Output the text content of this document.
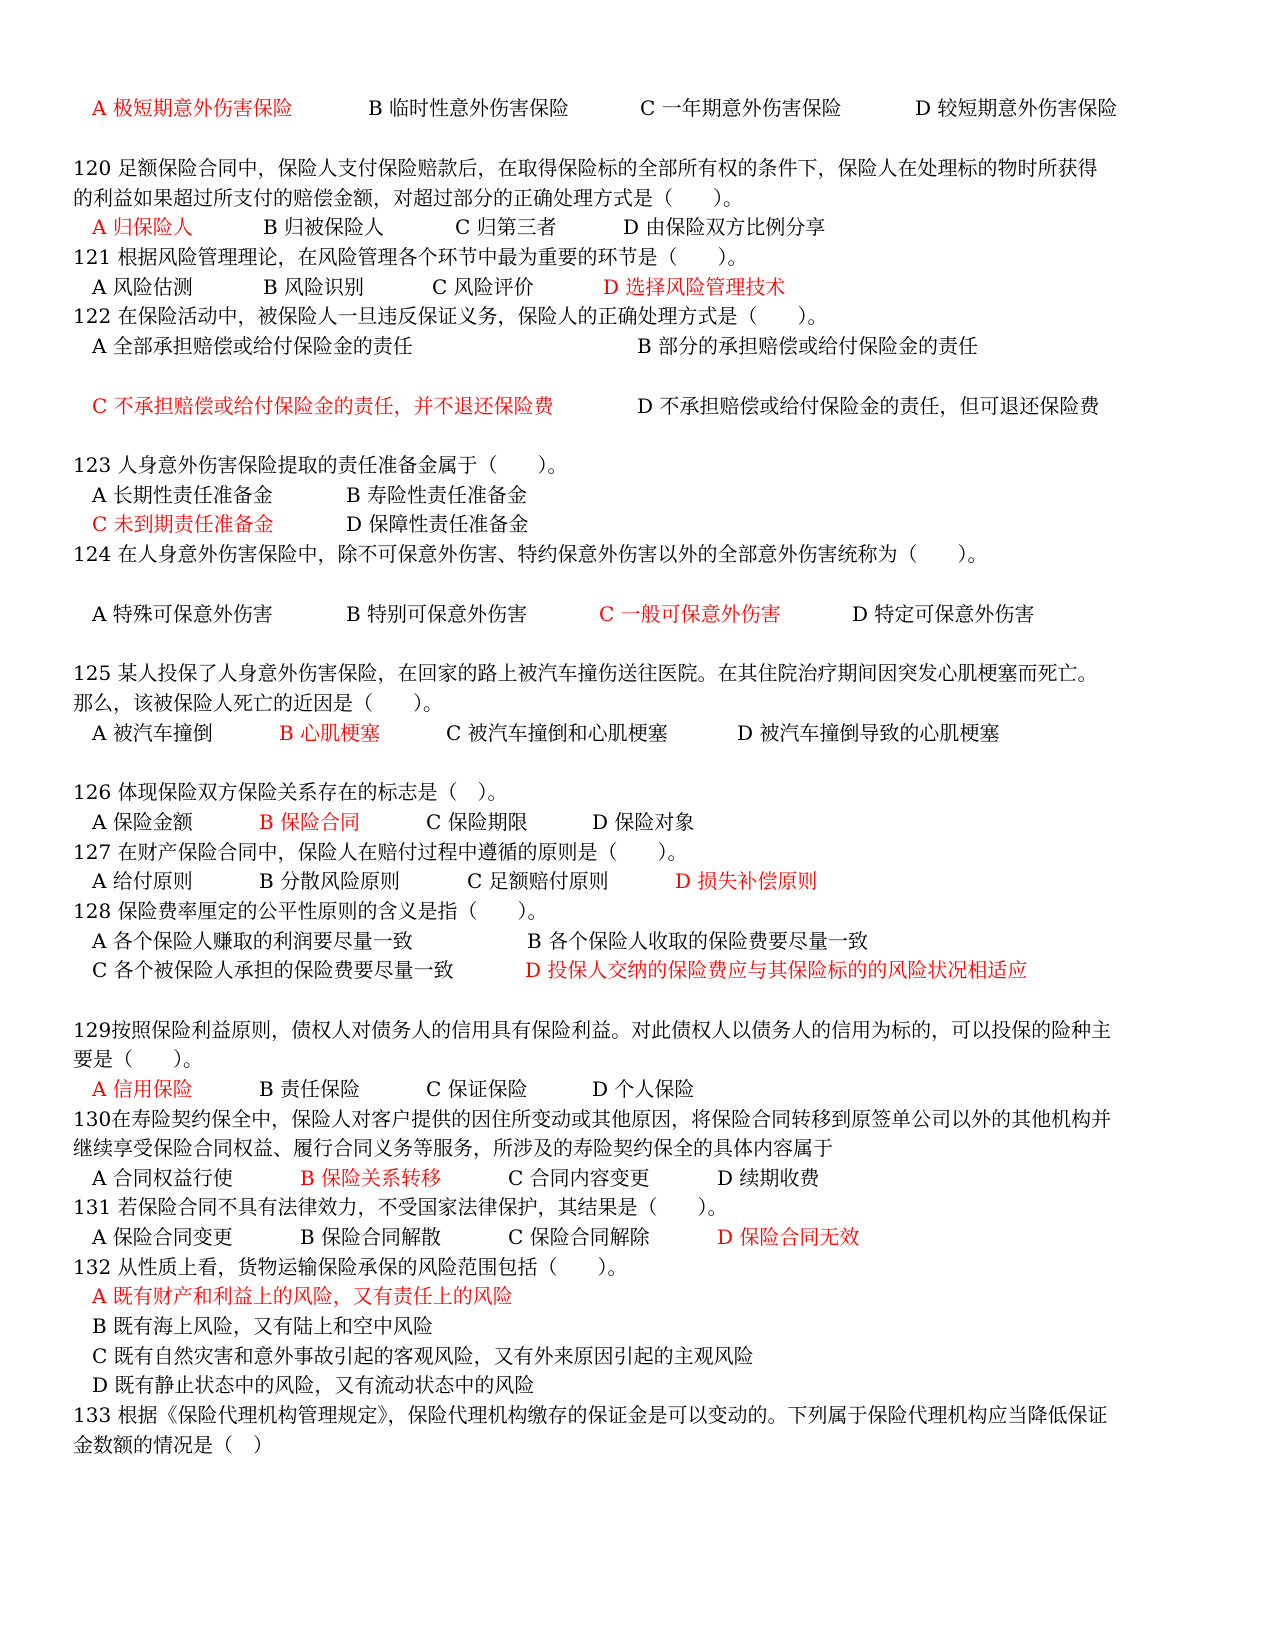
A 极短期意外伤害保险	B 临时性意外伤害保险	C 一年期意外伤害保险	D 较短期意外伤害保险
120 足额保险合同中，保险人支付保险赔款后，在取得保险标的全部所有权的条件下，保险人在处理标的物时所获得
的利益如果超过所支付的赔偿金额，对超过部分的正确处理方式是（　　）。
A 归保险人	B 归被保险人	C 归第三者	D 由保险双方比例分享
121 根据风险管理理论，在风险管理各个环节中最为重要的环节是（　　）。
A 风险估测	B 风险识别	C 风险评价	D 选择风险管理技术
122 在保险活动中，被保险人一旦违反保证义务，保险人的正确处理方式是（　　）。
A 全部承担赔偿或给付保险金的责任	B 部分的承担赔偿或给付保险金的责任
C 不承担赔偿或给付保险金的责任，并不退还保险费	D 不承担赔偿或给付保险金的责任，但可退还保险费
123 人身意外伤害保险提取的责任准备金属于（　　）。
A 长期性责任准备金	B 寿险性责任准备金
C 未到期责任准备金	D 保障性责任准备金
124 在人身意外伤害保险中，除不可保意外伤害、特约保意外伤害以外的全部意外伤害统称为（　　）。
A 特殊可保意外伤害	B 特别可保意外伤害	C 一般可保意外伤害	D 特定可保意外伤害
125 某人投保了人身意外伤害保险，在回家的路上被汽车撞伤送往医院。在其住院治疗期间因突发心肌梗塞而死亡。
那么，该被保险人死亡的近因是（　　）。
A 被汽车撞倒	B 心肌梗塞	C 被汽车撞倒和心肌梗塞	D 被汽车撞倒导致的心肌梗塞
126 体现保险双方保险关系存在的标志是（　）。
A 保险金额	B 保险合同	C 保险期限	D 保险对象
127 在财产保险合同中，保险人在赔付过程中遵循的原则是（　　）。
A 给付原则	B 分散风险原则	C 足额赔付原则	D 损失补偿原则
128 保险费率厘定的公平性原则的含义是指（　　）。
A 各个保险人赚取的利润要尽量一致	B 各个保险人收取的保险费要尽量一致
C 各个被保险人承担的保险费要尽量一致	D 投保人交纳的保险费应与其保险标的的风险状况相适应
129按照保险利益原则，债权人对债务人的信用具有保险利益。对此债权人以债务人的信用为标的，可以投保的险种主
要是（　　）。
A 信用保险	B 责任保险	C 保证保险	D 个人保险
130在寿险契约保全中，保险人对客户提供的因住所变动或其他原因，将保险合同转移到原签单公司以外的其他机构并
继续享受保险合同权益、履行合同义务等服务，所涉及的寿险契约保全的具体内容属于
A 合同权益行使	B 保险关系转移	C 合同内容变更	D 续期收费
131 若保险合同不具有法律效力，不受国家法律保护，其结果是（　　）。
A 保险合同变更	B 保险合同解散	C 保险合同解除	D 保险合同无效
132 从性质上看，货物运输保险承保的风险范围包括（　　）。
A 既有财产和利益上的风险，又有责任上的风险
B 既有海上风险，又有陆上和空中风险
C 既有自然灾害和意外事故引起的客观风险，又有外来原因引起的主观风险
D 既有静止状态中的风险，又有流动状态中的风险
133 根据《保险代理机构管理规定》，保险代理机构缴存的保证金是可以变动的。下列属于保险代理机构应当降低保证
金数额的情况是（　）
